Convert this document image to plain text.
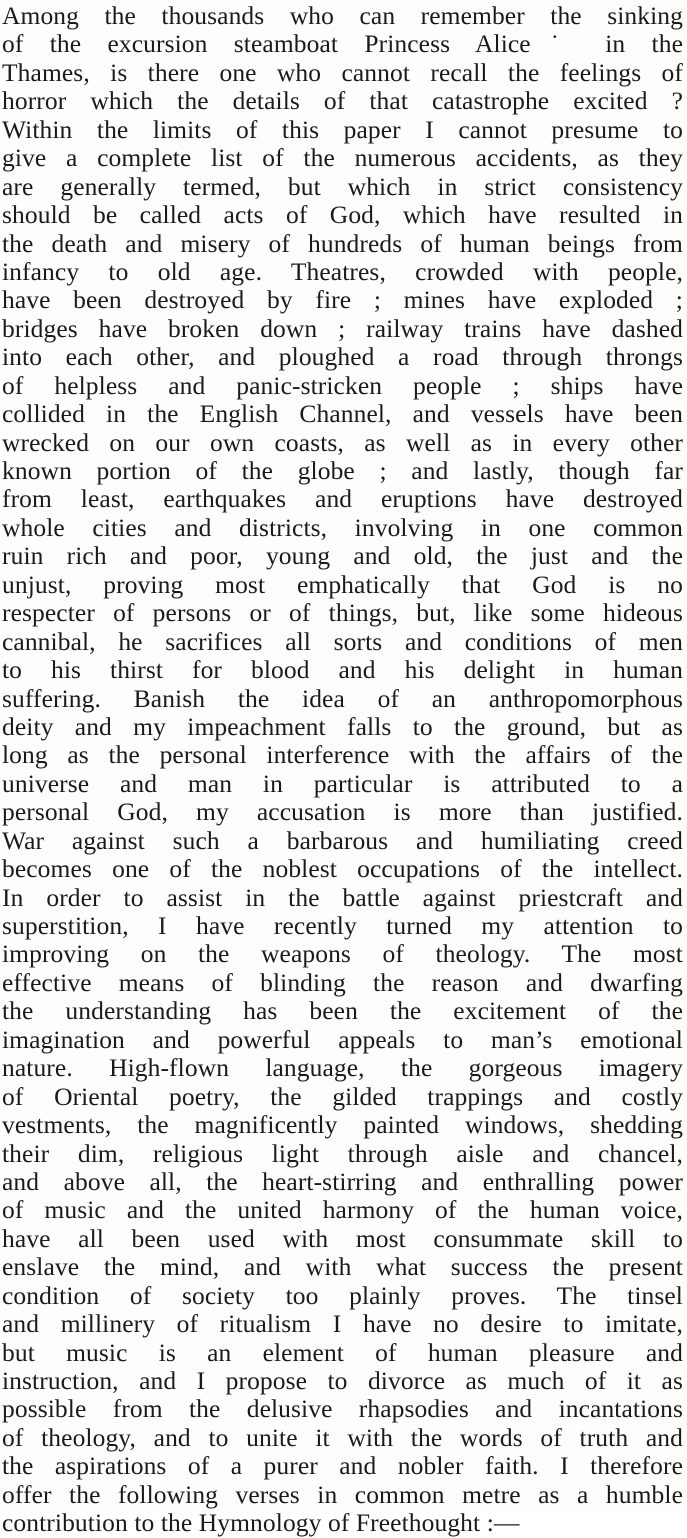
Among the thousands who can remember the sinking
of the excursion steamboat Princess Alice˙ in the
Thames, is there one who cannot recall the feelings of
horror which the details of that catastrophe excited ?
Within the limits of this paper I cannot presume to
give a complete list of the numerous accidents, as they
are generally termed, but which in strict consistency
should be called acts of God, which have resulted in
the death and misery of hundreds of human beings from
infancy to old age. Theatres, crowded with people,
have been destroyed by fire ; mines have exploded ;
bridges have broken down ; railway trains have dashed
into each other, and ploughed a road through throngs
of helpless and panic-stricken people ; ships have
collided in the English Channel, and vessels have been
wrecked on our own coasts, as well as in every other
known portion of the globe ; and lastly, though far
from least, earthquakes and eruptions have destroyed
whole cities and districts, involving in one common
ruin rich and poor, young and old, the just and the
unjust, proving most emphatically that God is no
respecter of persons or of things, but, like some hideous
cannibal, he sacrifices all sorts and conditions of men
to his thirst for blood and his delight in human
suffering. Banish the idea of an anthropomorphous
deity and my impeachment falls to the ground, but as
long as the personal interference with the affairs of the
universe and man in particular is attributed to a
personal God, my accusation is more than justified.
War against such a barbarous and humiliating creed
becomes one of the noblest occupations of the intellect.
In order to assist in the battle against priestcraft and
superstition, I have recently turned my attention to
improving on the weapons of theology. The most
effective means of blinding the reason and dwarfing
the understanding has been the excitement of the
imagination and powerful appeals to man’s emotional
nature. High-flown language, the gorgeous imagery
of Oriental poetry, the gilded trappings and costly
vestments, the magnificently painted windows, shedding
their dim, religious light through aisle and chancel,
and above all, the heart-stirring and enthralling power
of music and the united harmony of the human voice,
have all been used with most consummate skill to
enslave the mind, and with what success the present
condition of society too plainly proves. The tinsel
and millinery of ritualism I have no desire to imitate,
but music is an element of human pleasure and
instruction, and I propose to divorce as much of it as
possible from the delusive rhapsodies and incantations
of theology, and to unite it with the words of truth and
the aspirations of a purer and nobler faith. I therefore
offer the following verses in common metre as a humble
contribution to the Hymnology of Freethought :—
